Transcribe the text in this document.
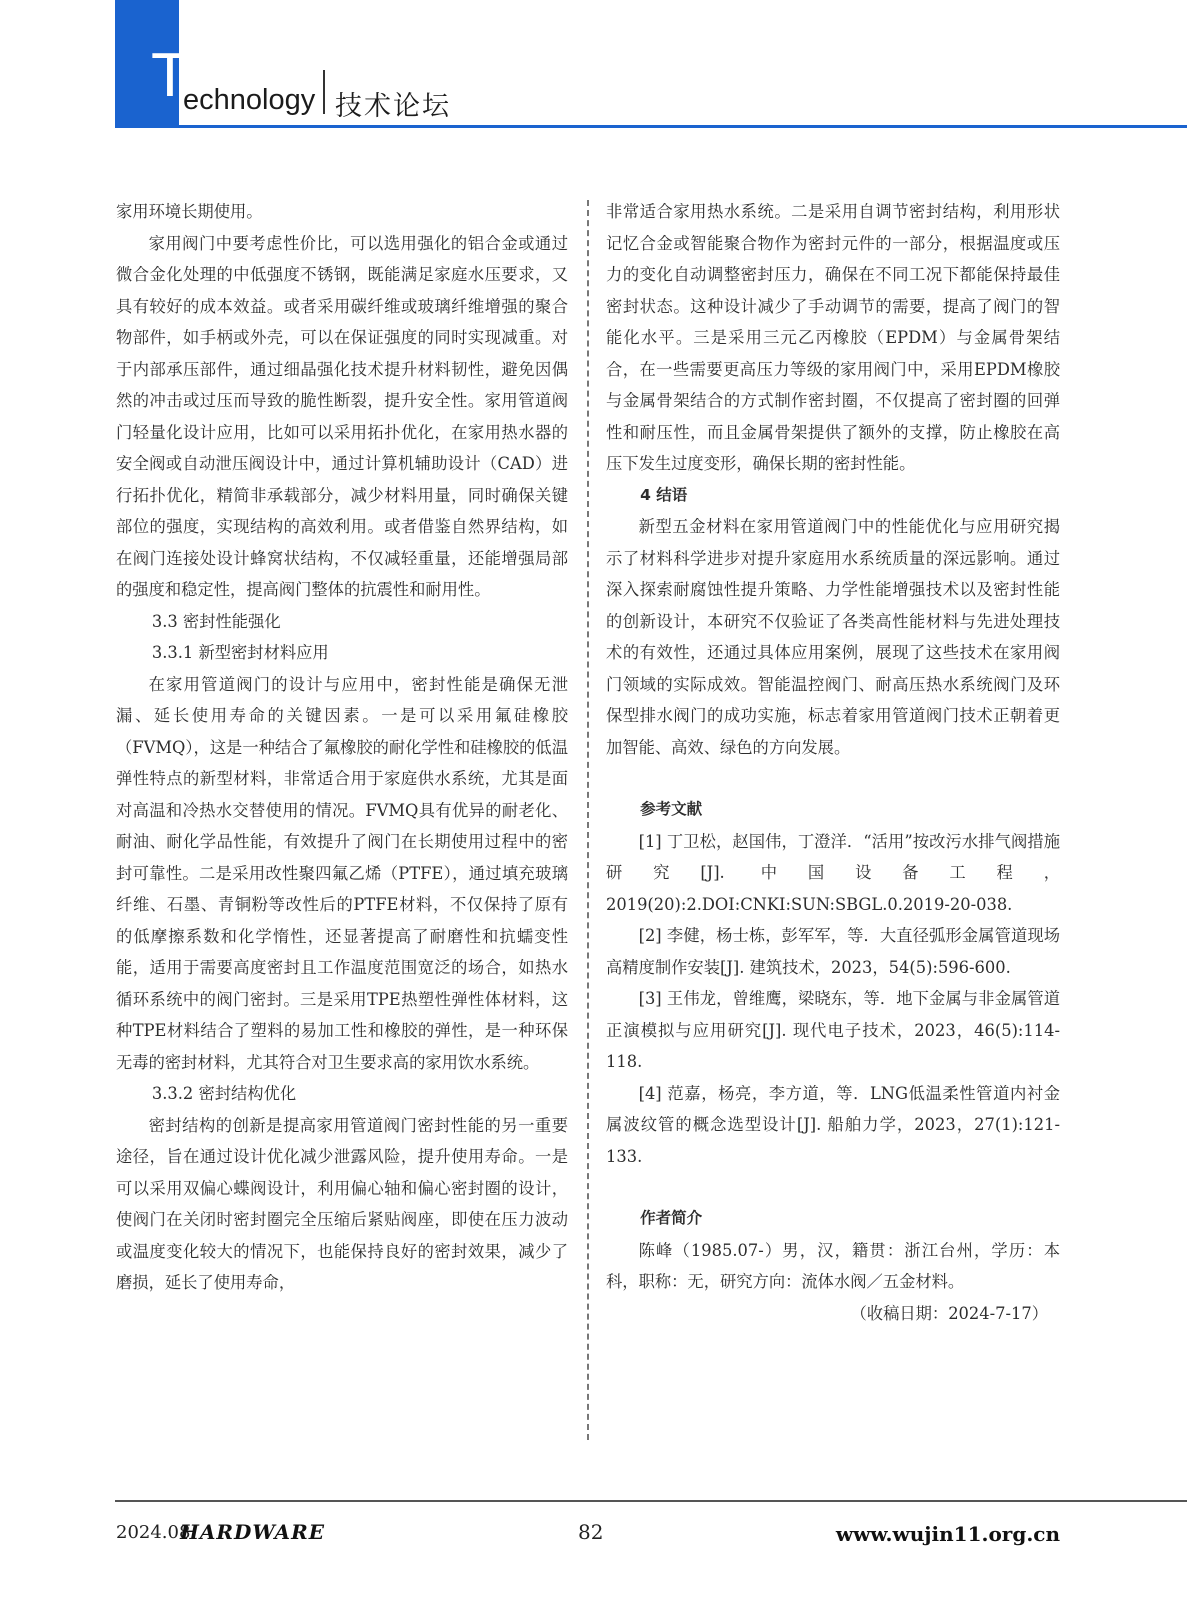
T
echnology 技术论坛

家用环境长期使用。

家用阀门中要考虑性价比，可以选用强化的铝合金或通过微合金化处理的中低强度不锈钢，既能满足家庭水压要求，又具有较好的成本效益。或者采用碳纤维或玻璃纤维增强的聚合物部件，如手柄或外壳，可以在保证强度的同时实现减重。对于内部承压部件，通过细晶强化技术提升材料韧性，避免因偶然的冲击或过压而导致的脆性断裂，提升安全性。家用管道阀门轻量化设计应用，比如可以采用拓扑优化，在家用热水器的安全阀或自动泄压阀设计中，通过计算机辅助设计（CAD）进行拓扑优化，精简非承载部分，减少材料用量，同时确保关键部位的强度，实现结构的高效利用。或者借鉴自然界结构，如在阀门连接处设计蜂窝状结构，不仅减轻重量，还能增强局部的强度和稳定性，提高阀门整体的抗震性和耐用性。

3.3 密封性能强化

3.3.1 新型密封材料应用

在家用管道阀门的设计与应用中，密封性能是确保无泄漏、延长使用寿命的关键因素。一是可以采用氟硅橡胶（FVMQ），这是一种结合了氟橡胶的耐化学性和硅橡胶的低温弹性特点的新型材料，非常适合用于家庭供水系统，尤其是面对高温和冷热水交替使用的情况。FVMQ具有优异的耐老化、耐油、耐化学品性能，有效提升了阀门在长期使用过程中的密封可靠性。二是采用改性聚四氟乙烯（PTFE），通过填充玻璃纤维、石墨、青铜粉等改性后的PTFE材料，不仅保持了原有的低摩擦系数和化学惰性，还显著提高了耐磨性和抗蠕变性能，适用于需要高度密封且工作温度范围宽泛的场合，如热水循环系统中的阀门密封。三是采用TPE热塑性弹性体材料，这种TPE材料结合了塑料的易加工性和橡胶的弹性，是一种环保无毒的密封材料，尤其符合对卫生要求高的家用饮水系统。

3.3.2 密封结构优化

密封结构的创新是提高家用管道阀门密封性能的另一重要途径，旨在通过设计优化减少泄露风险，提升使用寿命。一是可以采用双偏心蝶阀设计，利用偏心轴和偏心密封圈的设计，使阀门在关闭时密封圈完全压缩后紧贴阀座，即使在压力波动或温度变化较大的情况下，也能保持良好的密封效果，减少了磨损，延长了使用寿命，

非常适合家用热水系统。二是采用自调节密封结构，利用形状记忆合金或智能聚合物作为密封元件的一部分，根据温度或压力的变化自动调整密封压力，确保在不同工况下都能保持最佳密封状态。这种设计减少了手动调节的需要，提高了阀门的智能化水平。三是采用三元乙丙橡胶（EPDM）与金属骨架结合，在一些需要更高压力等级的家用阀门中，采用EPDM橡胶与金属骨架结合的方式制作密封圈，不仅提高了密封圈的回弹性和耐压性，而且金属骨架提供了额外的支撑，防止橡胶在高压下发生过度变形，确保长期的密封性能。

4 结语

新型五金材料在家用管道阀门中的性能优化与应用研究揭示了材料科学进步对提升家庭用水系统质量的深远影响。通过深入探索耐腐蚀性提升策略、力学性能增强技术以及密封性能的创新设计，本研究不仅验证了各类高性能材料与先进处理技术的有效性，还通过具体应用案例，展现了这些技术在家用阀门领域的实际成效。智能温控阀门、耐高压热水系统阀门及环保型排水阀门的成功实施，标志着家用管道阀门技术正朝着更加智能、高效、绿色的方向发展。

参考文献

[1] 丁卫松，赵国伟，丁澄洋．“活用”按改污水排气阀措施研究[J]. 中国设备工程，2019(20):2.DOI:CNKI:SUN:SBGL.0.2019-20-038.

[2] 李健，杨士栋，彭军军，等．大直径弧形金属管道现场高精度制作安装[J]. 建筑技术，2023，54(5):596-600.

[3] 王伟龙，曾维鹰，梁晓东，等．地下金属与非金属管道正演模拟与应用研究[J]. 现代电子技术，2023，46(5):114-118.

[4] 范嘉，杨亮，李方道，等．LNG低温柔性管道内衬金属波纹管的概念选型设计[J]. 船舶力学，2023，27(1):121-133.

作者简介

陈峰（1985.07-）男，汉，籍贯：浙江台州，学历：本科，职称：无，研究方向：流体水阀／五金材料。

（收稿日期：2024-7-17）

2024.08
HARDWARE	82	www.wujin11.org.cn
